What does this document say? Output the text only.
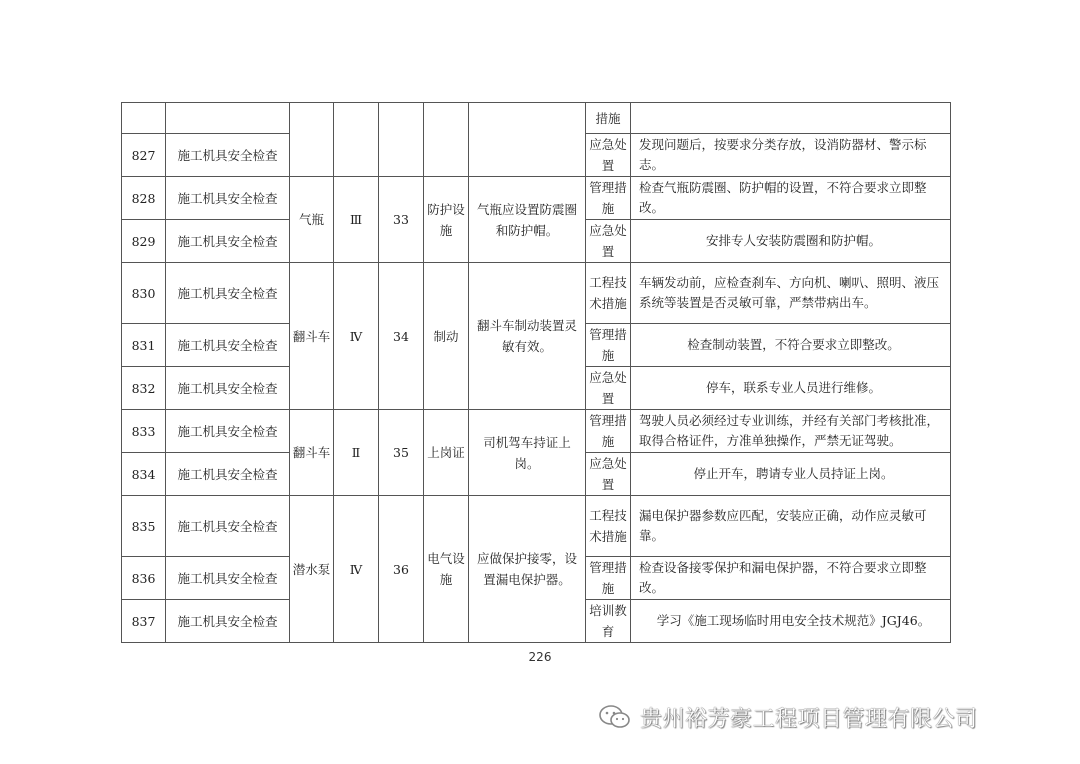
							措施	
827	施工机具安全检查						应急处置	发现问题后，按要求分类存放，设消防器材、警示标志。
828	施工机具安全检查	气瓶	Ⅲ	33	防护设施	气瓶应设置防震圈和防护帽。	管理措施	检查气瓶防震圈、防护帽的设置，不符合要求立即整改。
829	施工机具安全检查						应急处置	安排专人安装防震圈和防护帽。
830	施工机具安全检查	翻斗车	Ⅳ	34	制动	翻斗车制动装置灵敏有效。	工程技术措施	车辆发动前，应检查刹车、方向机、喇叭、照明、液压系统等装置是否灵敏可靠，严禁带病出车。
831	施工机具安全检查						管理措施	检查制动装置，不符合要求立即整改。
832	施工机具安全检查						应急处置	停车，联系专业人员进行维修。
833	施工机具安全检查	翻斗车	Ⅱ	35	上岗证	司机驾车持证上岗。	管理措施	驾驶人员必须经过专业训练，并经有关部门考核批准，取得合格证件，方准单独操作，严禁无证驾驶。
834	施工机具安全检查						应急处置	停止开车，聘请专业人员持证上岗。
835	施工机具安全检查	潜水泵	Ⅳ	36	电气设施	应做保护接零，设置漏电保护器。	工程技术措施	漏电保护器参数应匹配，安装应正确，动作应灵敏可靠。
836	施工机具安全检查						管理措施	检查设备接零保护和漏电保护器，不符合要求立即整改。
837	施工机具安全检查						培训教育	学习《施工现场临时用电安全技术规范》JGJ46。
226
贵州裕芳豪工程项目管理有限公司
